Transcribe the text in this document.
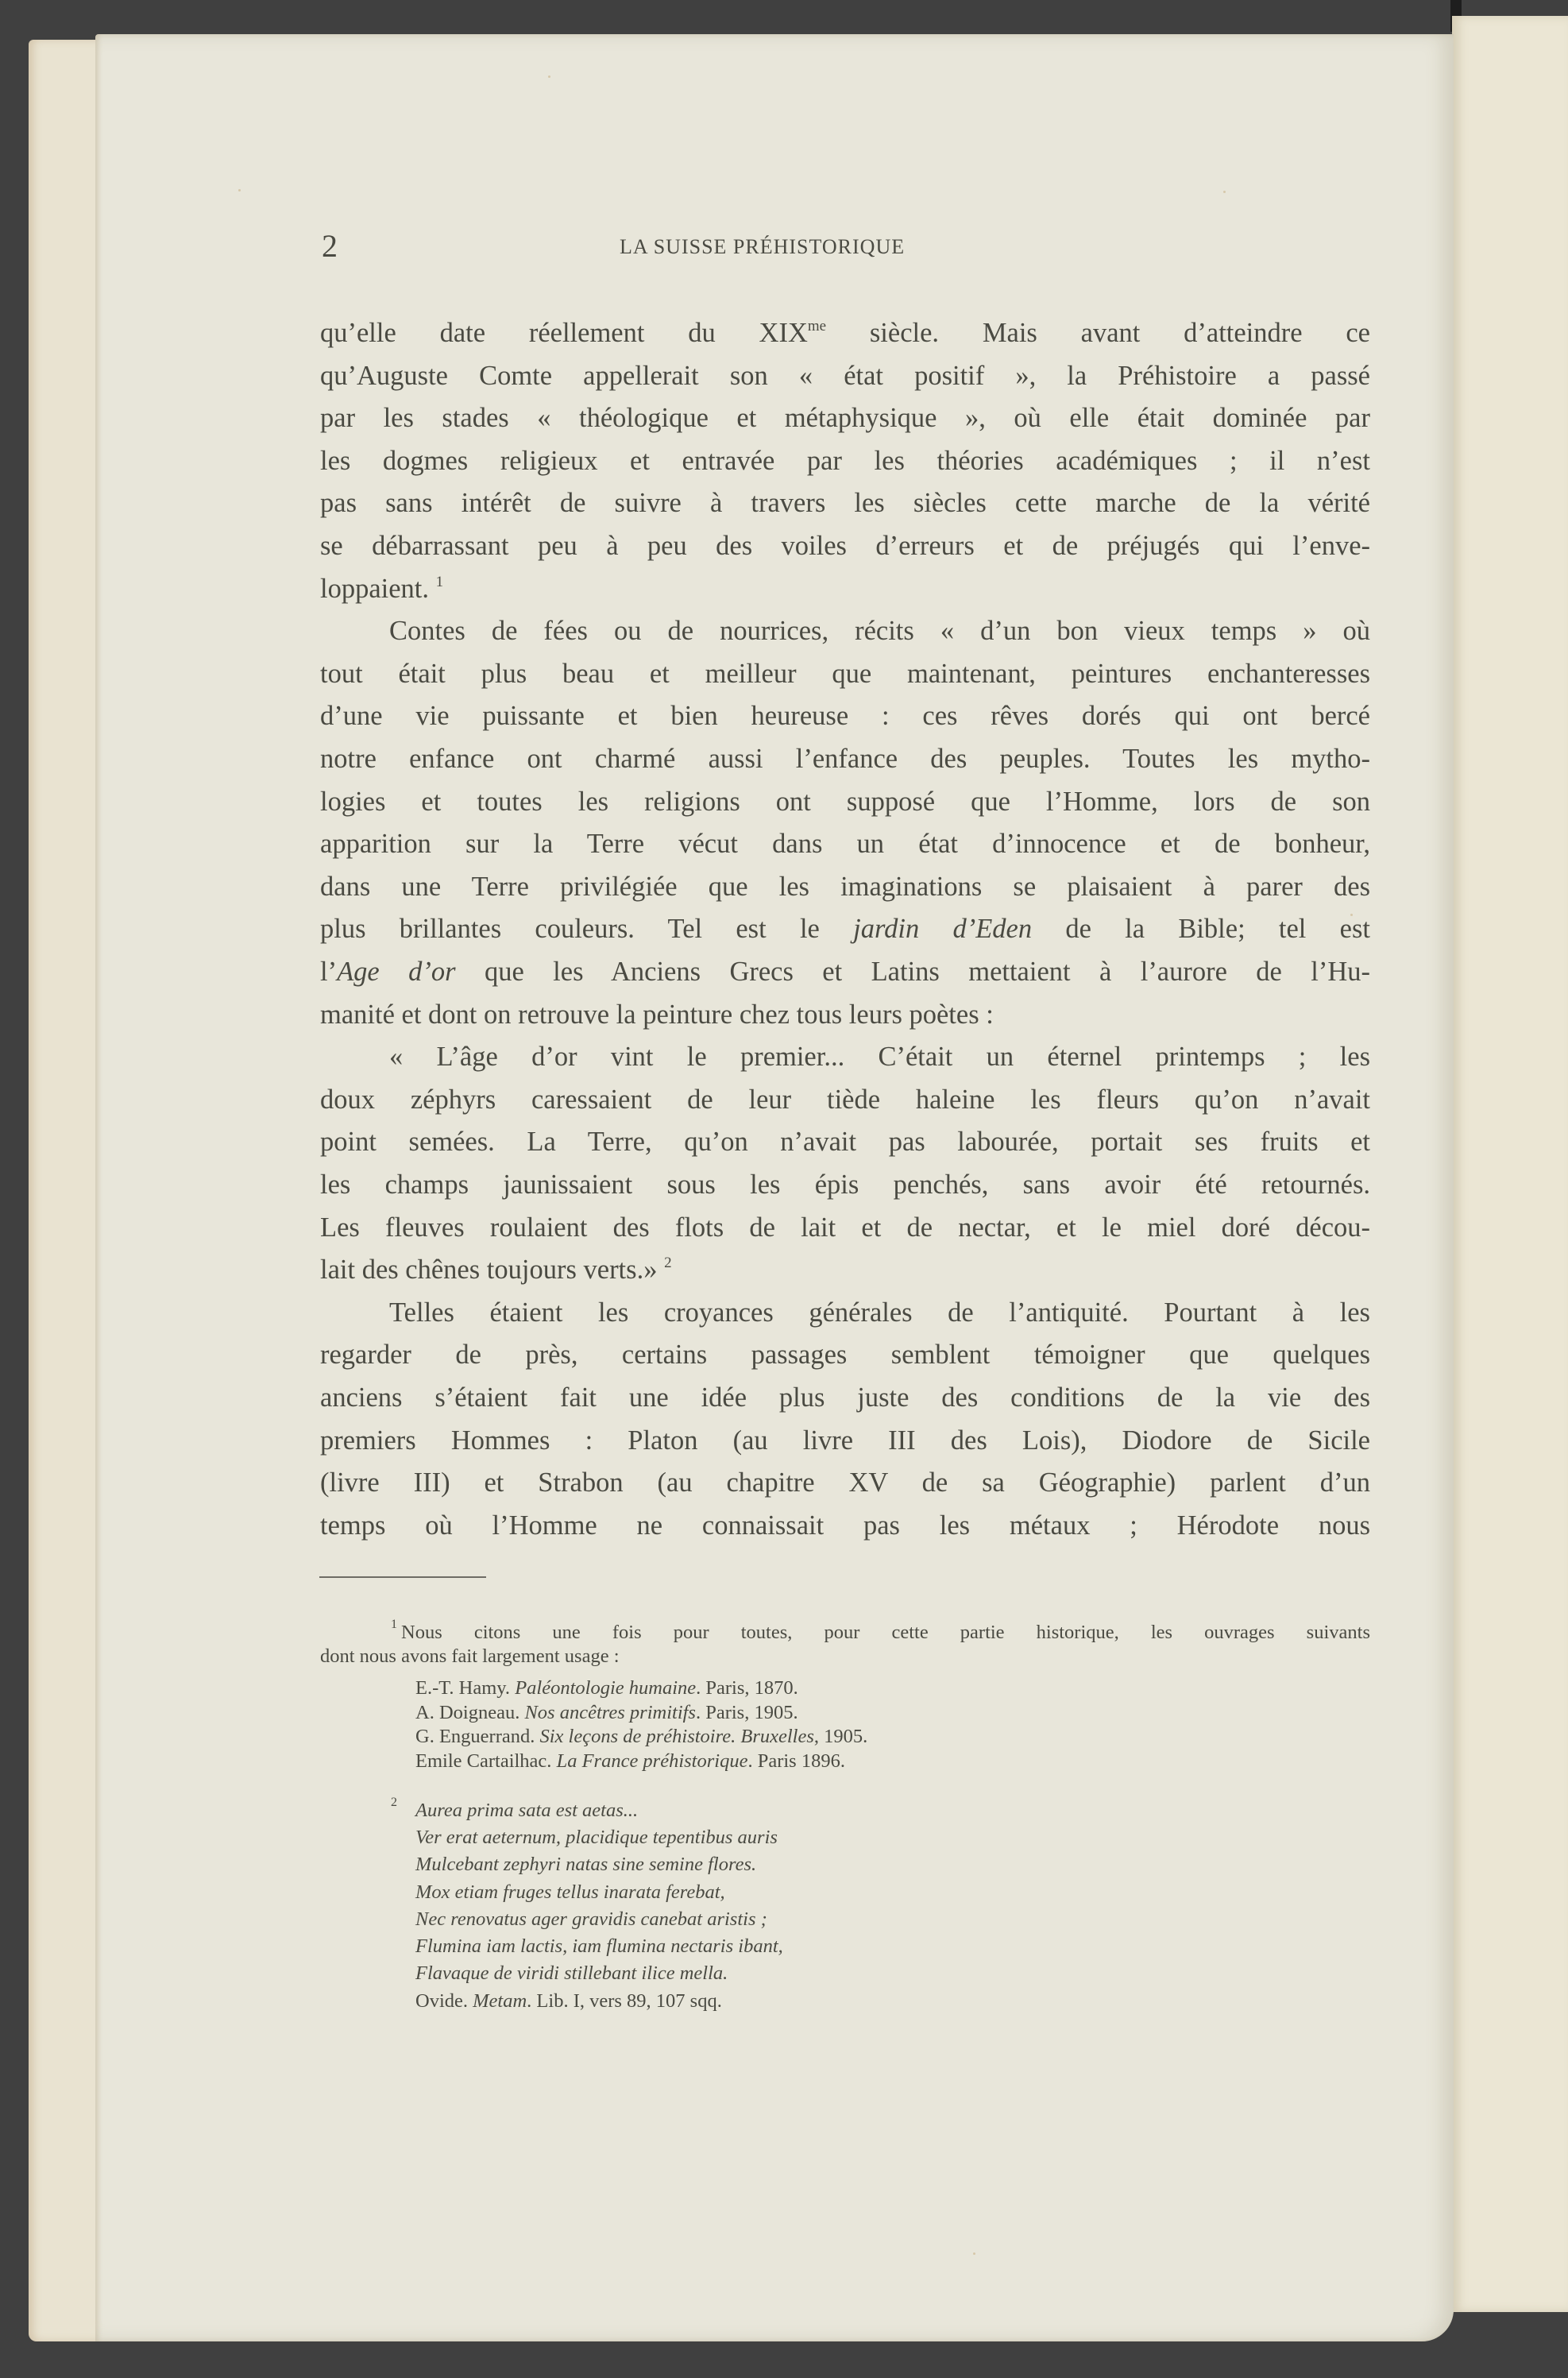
2	LA SUISSE PRÉHISTORIQUE
qu’elle date réellement du $XIX^{me}$ siècle. Mais avant d’atteindre ce
qu’Auguste Comte appellerait son « état positif », la Préhistoire a passé
par les stades « théologique et métaphysique », où elle était dominée par
les dogmes religieux et entravée par les théories académiques ; il n’est
pas sans intérêt de suivre à travers les siècles cette marche de la vérité
se débarrassant peu à peu des voiles d’erreurs et de préjugés qui l’enve-
loppaient. $^1$
Contes de fées ou de nourrices, récits « d’un bon vieux temps » où
tout était plus beau et meilleur que maintenant, peintures enchanteresses
d’une vie puissante et bien heureuse : ces rêves dorés qui ont bercé
notre enfance ont charmé aussi l’enfance des peuples. Toutes les mytho-
logies et toutes les religions ont supposé que l’Homme, lors de son
apparition sur la Terre vécut dans un état d’innocence et de bonheur,
dans une Terre privilégiée que les imaginations se plaisaient à parer des
plus brillantes couleurs. Tel est le jardin d’Eden de la Bible; tel est
l’Age d’or que les Anciens Grecs et Latins mettaient à l’aurore de l’Hu-
manité et dont on retrouve la peinture chez tous leurs poètes :
« L’âge d’or vint le premier... C’était un éternel printemps ; les
doux zéphyrs caressaient de leur tiède haleine les fleurs qu’on n’avait
point semées. La Terre, qu’on n’avait pas labourée, portait ses fruits et
les champs jaunissaient sous les épis penchés, sans avoir été retournés.
Les fleuves roulaient des flots de lait et de nectar, et le miel doré décou-
lait des chênes toujours verts.» $^2$
Telles étaient les croyances générales de l’antiquité. Pourtant à les
regarder de près, certains passages semblent témoigner que quelques
anciens s’étaient fait une idée plus juste des conditions de la vie des
premiers Hommes : Platon (au livre III des Lois), Diodore de Sicile
(livre III) et Strabon (au chapitre XV de sa Géographie) parlent d’un
temps où l’Homme ne connaissait pas les métaux ; Hérodote nous
1 Nous citons une fois pour toutes, pour cette partie historique, les ouvrages suivants
dont nous avons fait largement usage :
E.-T. Hamy. Paléontologie humaine. Paris, 1870.
A. Doigneau. Nos ancêtres primitifs. Paris, 1905.
G. Enguerrand. Six leçons de préhistoire. Bruxelles, 1905.
Emile Cartailhac. La France préhistorique. Paris 1896.
2 Aurea prima sata est aetas...
Ver erat aeternum, placidique tepentibus auris
Mulcebant zephyri natas sine semine flores.
Mox etiam fruges tellus inarata ferebat,
Nec renovatus ager gravidis canebat aristis ;
Flumina iam lactis, iam flumina nectaris ibant,
Flavaque de viridi stillebant ilice mella.
Ovide. Metam. Lib. I, vers 89, 107 sqq.
